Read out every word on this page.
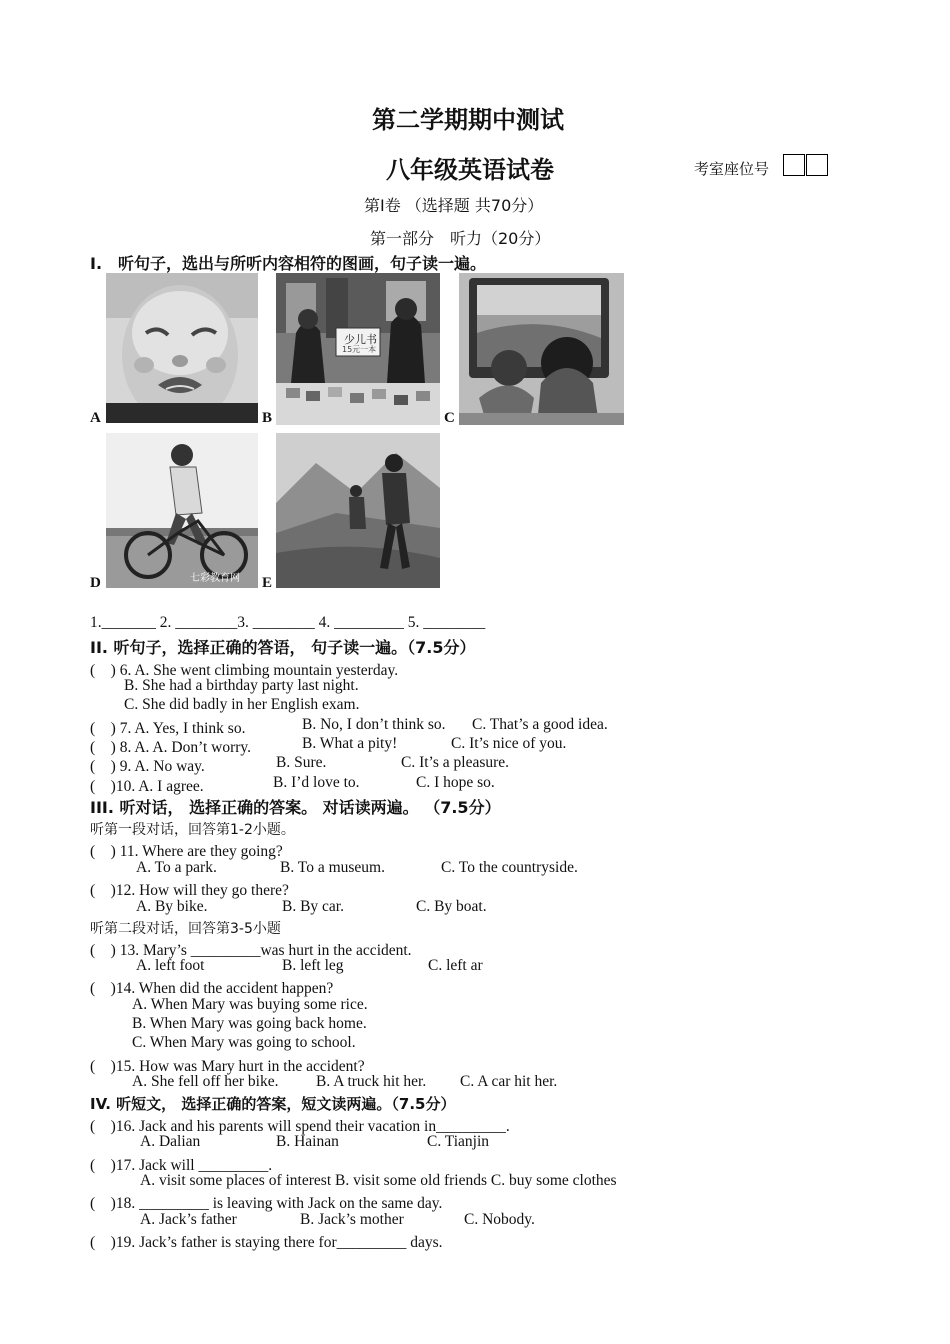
第二学期期中测试
八年级英语试卷	考室座位号
第I卷 （选择题 共70分）
第一部分　听力（20分）
I.　听句子，选出与所听内容相符的图画，句子读一遍。
A
少儿书
15元一本
B	C
七彩教育网
D	E
1._______ 2. ________3. ________ 4. _________ 5. ________
II. 听句子，选择正确的答语， 句子读一遍。（7.5分）
(　) 6. A. She went climbing mountain yesterday.
B. She had a birthday party last night.
C. She did badly in her English exam.
(　) 7. A. Yes, I think so.	B. No, I don’t think so. C. That’s a good idea.
(　) 8. A. A. Don’t worry.	B. What a pity!	C. It’s nice of you.
(　) 9. A. No way.	B. Sure.	C. It’s a pleasure.
(　)10. A. I agree.	B. I’d love to.	C. I hope so.
III. 听对话， 选择正确的答案。 对话读两遍。 （7.5分）
听第一段对话，回答第1-2小题。
(　) 11. Where are they going?
A. To a park.	B. To a museum.	C. To the countryside.
(　)12. How will they go there?
A. By bike.	B. By car.	C. By boat.
听第二段对话，回答第3-5小题
(　) 13. Mary’s _________was hurt in the accident.
A. left foot	B. left leg	C. left ar
(　)14. When did the accident happen?
A. When Mary was buying some rice.
B. When Mary was going back home.
C. When Mary was going to school.
(　)15. How was Mary hurt in the accident?
A. She fell off her bike. B. A truck hit her. C. A car hit her.
IV. 听短文， 选择正确的答案，短文读两遍。（7.5分）
(　)16. Jack and his parents will spend their vacation in_________.
A. Dalian	B. Hainan	C. Tianjin
(　)17. Jack will _________.
A. visit some places of interest B. visit some old friends C. buy some clothes
(　)18. _________ is leaving with Jack on the same day.
A. Jack’s father	B. Jack’s mother	C. Nobody.
(　)19. Jack’s father is staying there for_________ days.
